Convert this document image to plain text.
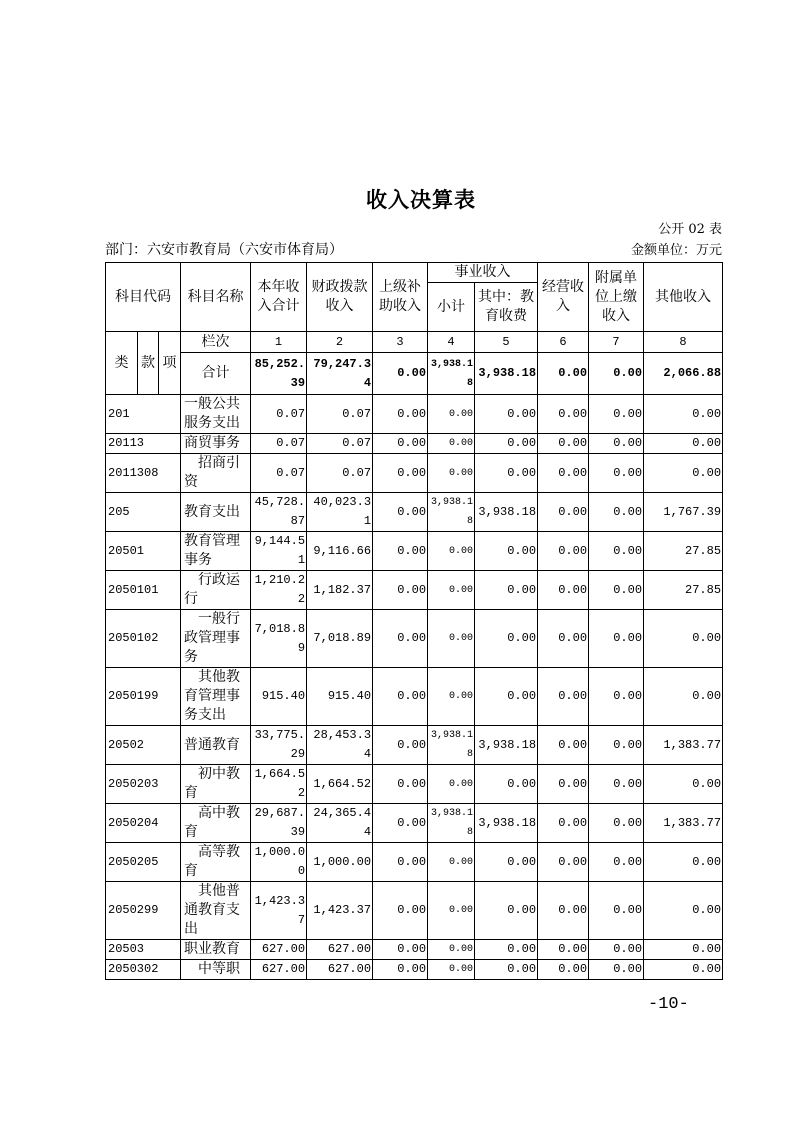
收入决算表
公开 02 表
部门：六安市教育局（六安市体育局）	金额单位：万元
科目代码			科目名称	本年收入合计	财政拨款收入	上级补助收入	事业收入		经营收入	附属单位上缴收入	其他收入
							小计	其中：教育收费			
类	款	项	栏次	1	2	3	4	5	6	7	8
			合计	85,252.39	79,247.34	0.00	3,938.18	3,938.18	0.00	0.00	2,066.88
201			一般公共服务支出	0.07	0.07	0.00	0.00	0.00	0.00	0.00	0.00
20113			商贸事务	0.07	0.07	0.00	0.00	0.00	0.00	0.00	0.00
2011308			招商引资	0.07	0.07	0.00	0.00	0.00	0.00	0.00	0.00
205			教育支出	45,728.87	40,023.31	0.00	3,938.18	3,938.18	0.00	0.00	1,767.39
20501			教育管理事务	9,144.51	9,116.66	0.00	0.00	0.00	0.00	0.00	27.85
2050101			行政运行	1,210.22	1,182.37	0.00	0.00	0.00	0.00	0.00	27.85
2050102			一般行政管理事务	7,018.89	7,018.89	0.00	0.00	0.00	0.00	0.00	0.00
2050199			其他教育管理事务支出	915.40	915.40	0.00	0.00	0.00	0.00	0.00	0.00
20502			普通教育	33,775.29	28,453.34	0.00	3,938.18	3,938.18	0.00	0.00	1,383.77
2050203			初中教育	1,664.52	1,664.52	0.00	0.00	0.00	0.00	0.00	0.00
2050204			高中教育	29,687.39	24,365.44	0.00	3,938.18	3,938.18	0.00	0.00	1,383.77
2050205			高等教育	1,000.00	1,000.00	0.00	0.00	0.00	0.00	0.00	0.00
2050299			其他普通教育支出	1,423.37	1,423.37	0.00	0.00	0.00	0.00	0.00	0.00
20503			职业教育	627.00	627.00	0.00	0.00	0.00	0.00	0.00	0.00
2050302			中等职	627.00	627.00	0.00	0.00	0.00	0.00	0.00	0.00
-10-
